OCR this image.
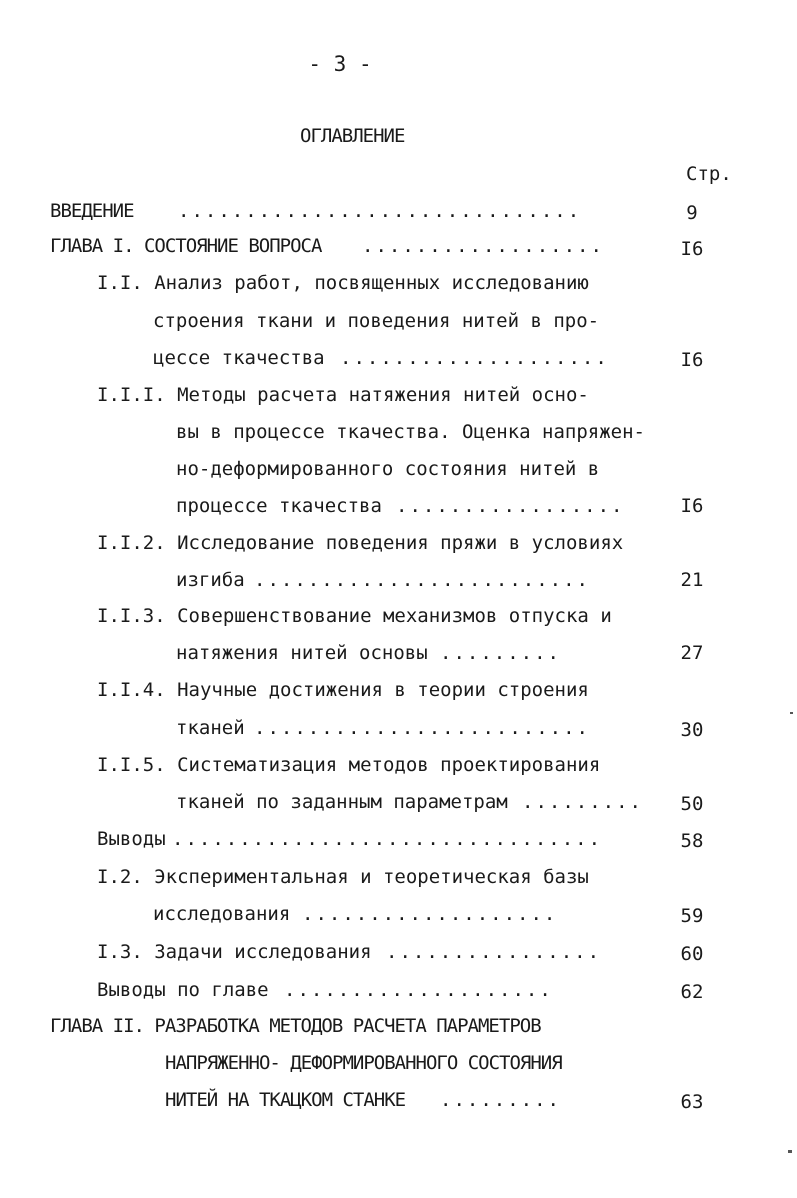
- 3 -
ОГЛАВЛЕНИЕ
Стр.
ВВЕДЕНИЕ ..............................	9
ГЛАВА I. СОСТОЯНИЕ ВОПРОСА ..................	I6
I.I. Анализ работ, посвященных исследованию
строения ткани и поведения нитей в про-
цессе ткачества ....................	I6
I.I.I. Методы расчета натяжения нитей осно-
вы в процессе ткачества. Оценка напряжен-
но-деформированного состояния нитей в
процессе ткачества .................	I6
I.I.2. Исследование поведения пряжи в условиях
изгиба .........................	21
I.I.3. Совершенствование механизмов отпуска и
натяжения нитей основы .........	27
I.I.4. Научные достижения в теории строения
тканей .........................	30
I.I.5. Систематизация методов проектирования
тканей по заданным параметрам .........	50
Выводы ................................	58
I.2. Экспериментальная и теоретическая базы
исследования ...................	59
I.3. Задачи исследования ................	60
Выводы по главе ....................	62
ГЛАВА II. РАЗРАБОТКА МЕТОДОВ РАСЧЕТА ПАРАМЕТРОВ
НАПРЯЖЕННО- ДЕФОРМИРОВАННОГО СОСТОЯНИЯ
НИТЕЙ НА ТКАЦКОМ СТАНКЕ .........	63
